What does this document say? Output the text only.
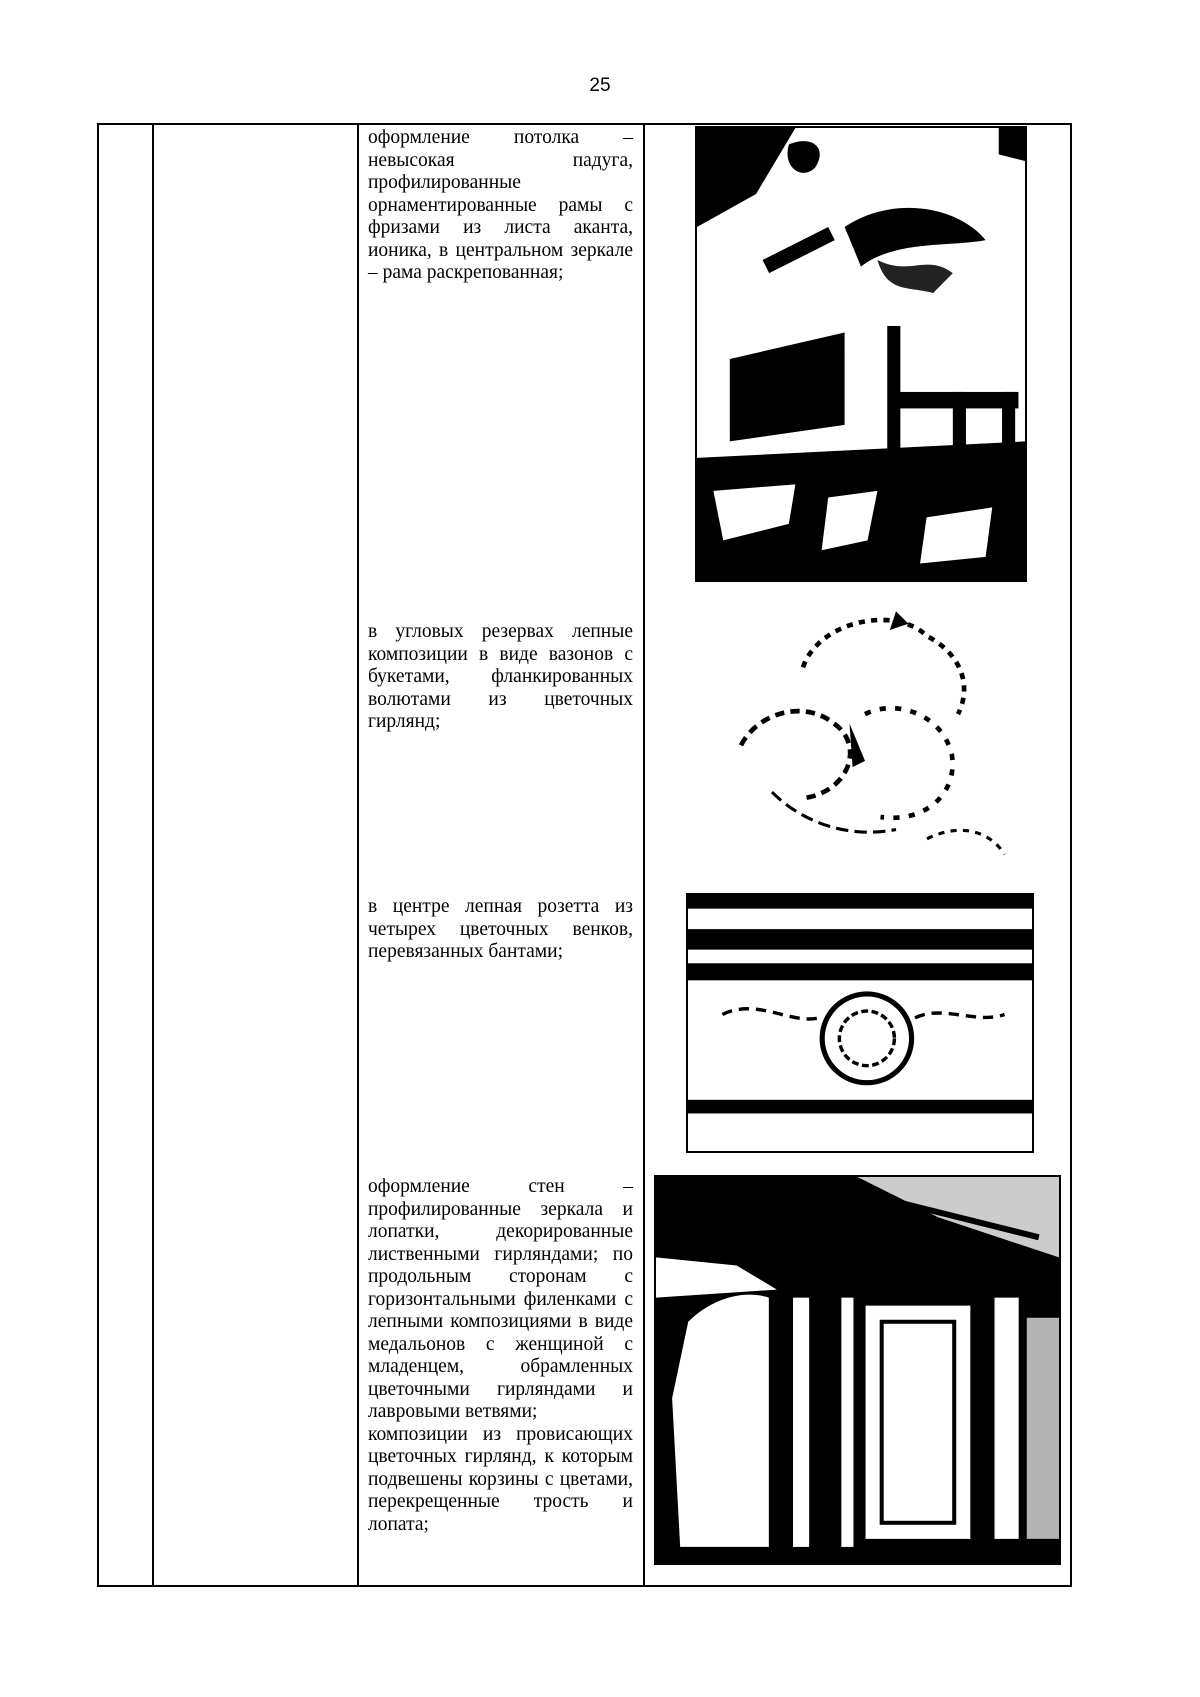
25
оформление потолка – невысокая падуга, профилированные орнаментированные рамы с фризами из листа аканта, ионика, в центральном зеркале – рама раскрепованная;
в угловых резервах лепные композиции в виде вазонов с букетами, фланкированных волютами из цветочных гирлянд;
в центре лепная розетта из четырех цветочных венков, перевязанных бантами;
оформление стен – профилированные зеркала и лопатки, декорированные лиственными гирляндами; по продольным сторонам с горизонтальными филенками с лепными композициями в виде медальонов с женщиной с младенцем, обрамленных цветочными гирляндами и лавровыми ветвями;
композиции из провисающих цветочных гирлянд, к которым подвешены корзины с цветами, перекрещенные трость и лопата;
